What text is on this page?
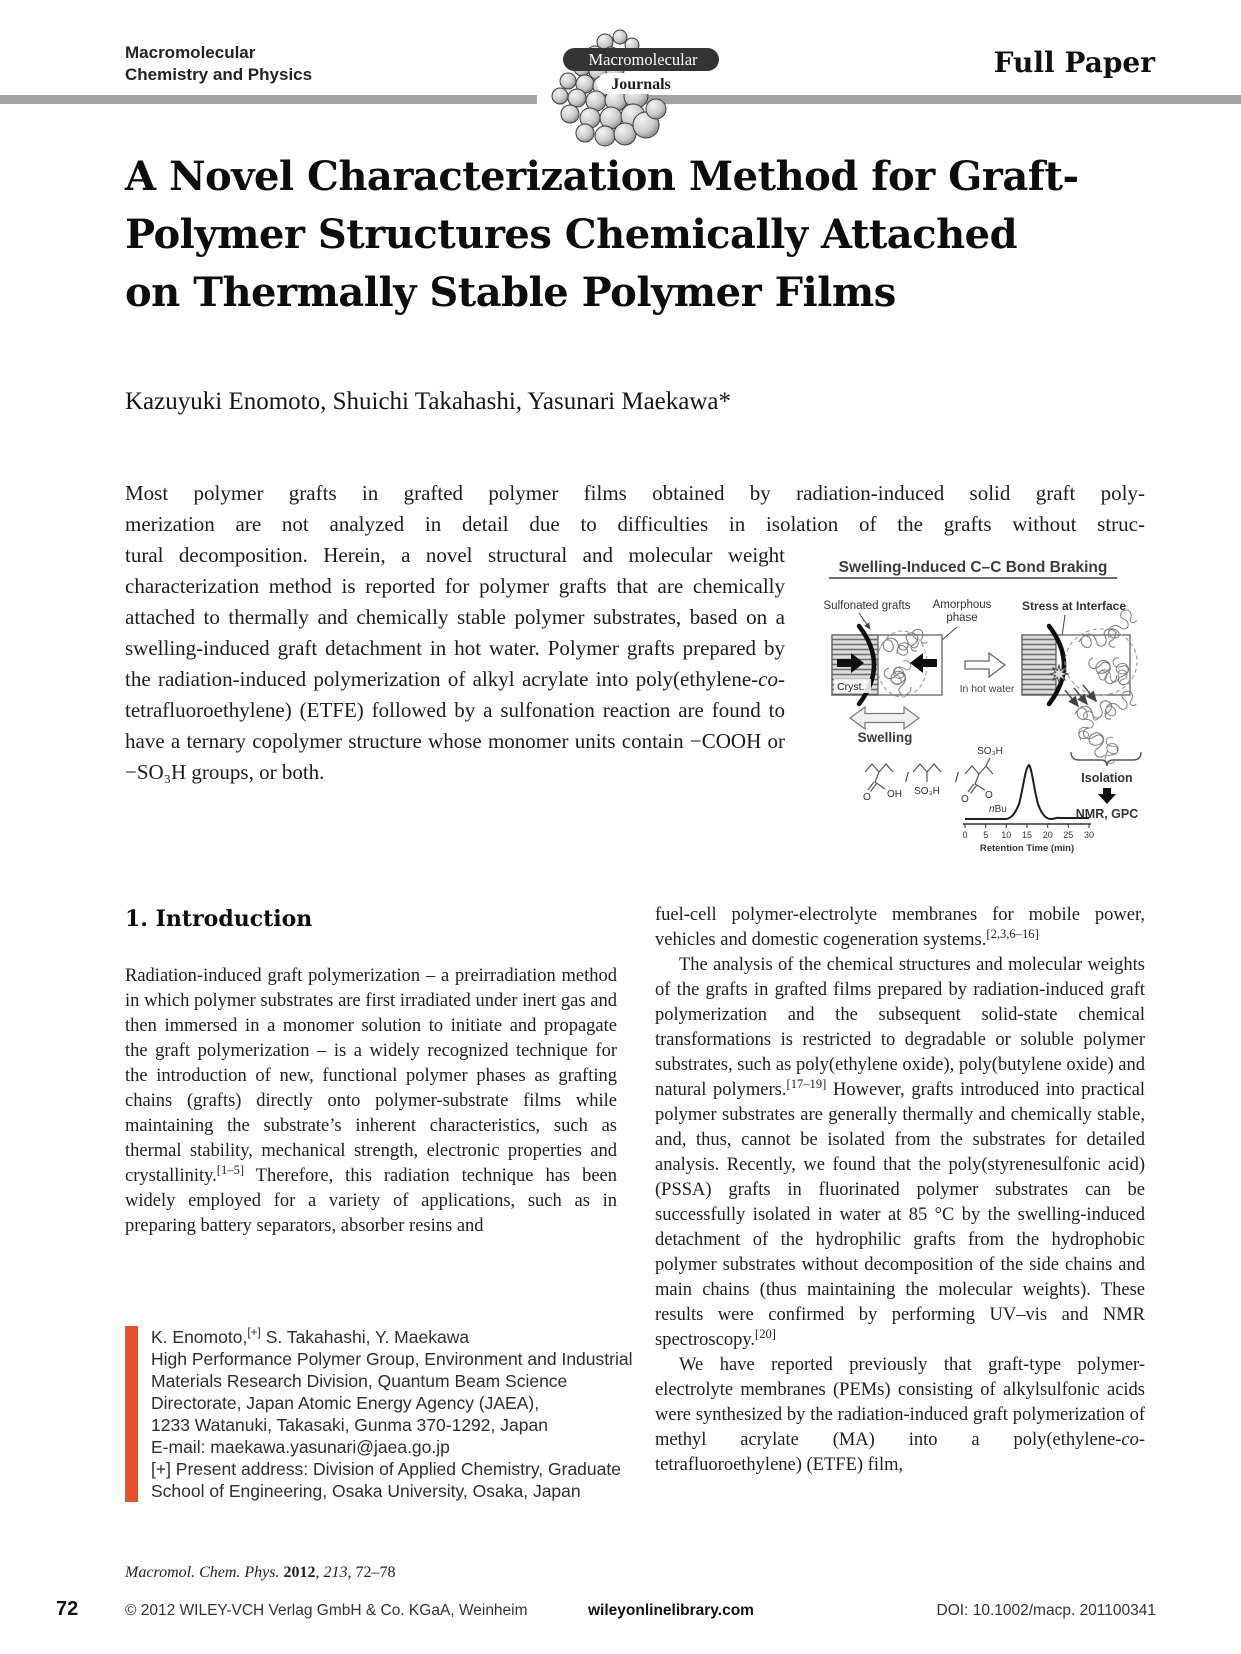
Macromolecular
Chemistry and Physics	Full Paper
Macromolecular
Journals
A Novel Characterization Method for Graft-
Polymer Structures Chemically Attached
on Thermally Stable Polymer Films
Kazuyuki Enomoto, Shuichi Takahashi, Yasunari Maekawa*
Most polymer grafts in grafted polymer films obtained by radiation-induced solid graft poly-
merization are not analyzed in detail due to difficulties in isolation of the grafts without struc-
tural decomposition. Herein, a novel structural and molecular weight characterization method is reported for polymer grafts that are chemically attached to thermally and chemically stable polymer substrates, based on a swelling-induced graft detachment in hot water. Polymer grafts prepared by the radiation-induced polymerization of alkyl acrylate into poly(ethylene-co-tetrafluoroethylene) (ETFE) followed by a sulfonation reaction are found to have a ternary copolymer structure whose monomer units contain −COOH or −SO₃H groups, or both.
Swelling-Induced C–C Bond Braking
Sulfonated grafts Amorphous
phase
Stress at Interface
Cryst.
Swelling
In hot water
Isolation
NMR, GPC
O OH
/
SO₃H
/
SO₃H
O O
nBu
0 5 10 15 20 25 30
Retention Time (min)
1. Introduction

Radiation-induced graft polymerization – a preirradiation method in which polymer substrates are first irradiated under inert gas and then immersed in a monomer solution to initiate and propagate the graft polymerization – is a widely recognized technique for the introduction of new, functional polymer phases as grafting chains (grafts) directly onto polymer-substrate films while maintaining the substrate’s inherent characteristics, such as thermal stability, mechanical strength, electronic properties and crystallinity.[1–5] Therefore, this radiation technique has been widely employed for a variety of applications, such as in preparing battery separators, absorber resins and

fuel-cell polymer-electrolyte membranes for mobile power, vehicles and domestic cogeneration systems.[2,3,6–16]

The analysis of the chemical structures and molecular weights of the grafts in grafted films prepared by radiation-induced graft polymerization and the subsequent solid-state chemical transformations is restricted to degradable or soluble polymer substrates, such as poly(ethylene oxide), poly(butylene oxide) and natural polymers.[17–19] However, grafts introduced into practical polymer substrates are generally thermally and chemically stable, and, thus, cannot be isolated from the substrates for detailed analysis. Recently, we found that the poly(styrenesulfonic acid) (PSSA) grafts in fluorinated polymer substrates can be successfully isolated in water at 85 °C by the swelling-induced detachment of the hydrophilic grafts from the hydrophobic polymer substrates without decomposition of the side chains and main chains (thus maintaining the molecular weights). These results were confirmed by performing UV–vis and NMR spectroscopy.[20]

We have reported previously that graft-type polymer-electrolyte membranes (PEMs) consisting of alkylsulfonic acids were synthesized by the radiation-induced graft polymerization of methyl acrylate (MA) into a poly(ethylene-co-tetrafluoroethylene) (ETFE) film,

K. Enomoto,[+] S. Takahashi, Y. Maekawa
High Performance Polymer Group, Environment and Industrial
Materials Research Division, Quantum Beam Science
Directorate, Japan Atomic Energy Agency (JAEA),
1233 Watanuki, Takasaki, Gunma 370-1292, Japan
E-mail: maekawa.yasunari@jaea.go.jp
[+] Present address: Division of Applied Chemistry, Graduate
School of Engineering, Osaka University, Osaka, Japan
Macromol. Chem. Phys. 2012, 213, 72–78
72	© 2012 WILEY-VCH Verlag GmbH & Co. KGaA, Weinheim	wileyonlinelibrary.com	DOI: 10.1002/macp. 201100341
